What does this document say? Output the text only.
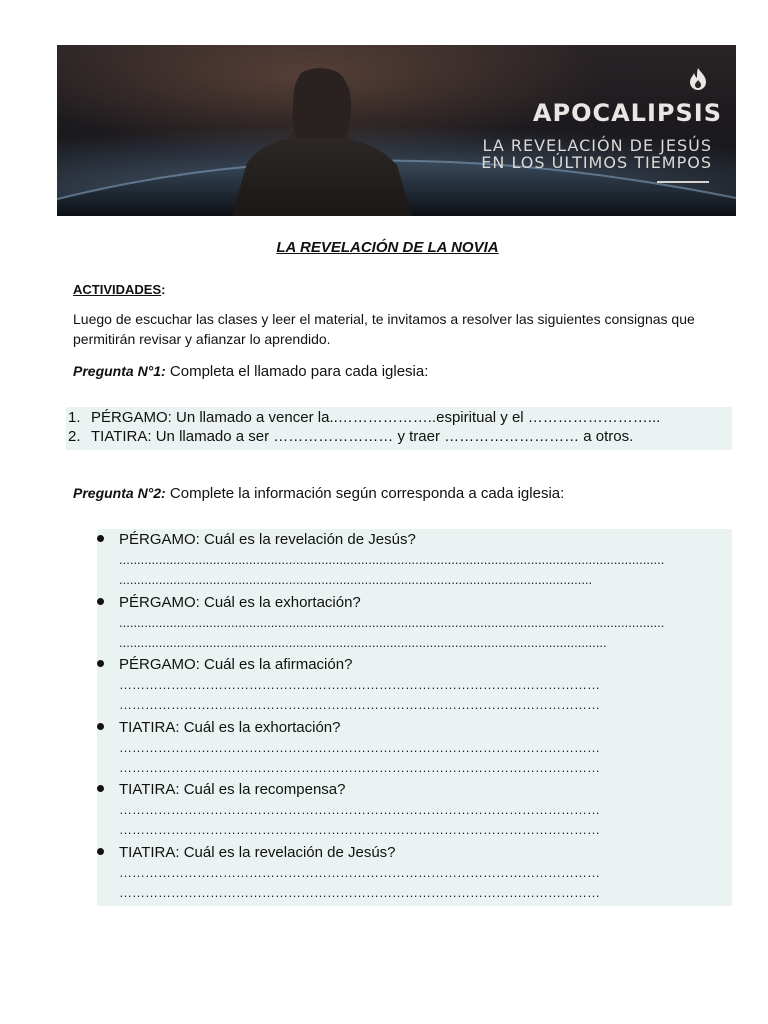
APOCALIPSIS
LA REVELACIÓN DE JESÚS
EN LOS ÚLTIMOS TIEMPOS
LA REVELACIÓN DE LA NOVIA
ACTIVIDADES:
Luego de escuchar las clases y leer el material, te invitamos a resolver las siguientes consignas que permitirán revisar y afianzar lo aprendido.
Pregunta N°1: Completa el llamado para cada iglesia:
1. PÉRGAMO: Un llamado a vencer la..………………..espiritual y el ……………………...
2. TIATIRA: Un llamado a ser …………………… y traer ……………………… a otros.
Pregunta N°2: Complete la información según corresponda a cada iglesia:
PÉRGAMO: Cuál es la revelación de Jesús?
.......................................................................................................................................................
...................................................................................................................................
PÉRGAMO: Cuál es la exhortación?
.......................................................................................................................................................
.......................................................................................................................................
PÉRGAMO: Cuál es la afirmación?
…………………………………………………………………………………………………
…………………………………………………………………………………………………
TIATIRA: Cuál es la exhortación?
…………………………………………………………………………………………………
…………………………………………………………………………………………………
TIATIRA: Cuál es la recompensa?
…………………………………………………………………………………………………
…………………………………………………………………………………………………
TIATIRA: Cuál es la revelación de Jesús?
…………………………………………………………………………………………………
…………………………………………………………………………………………………
